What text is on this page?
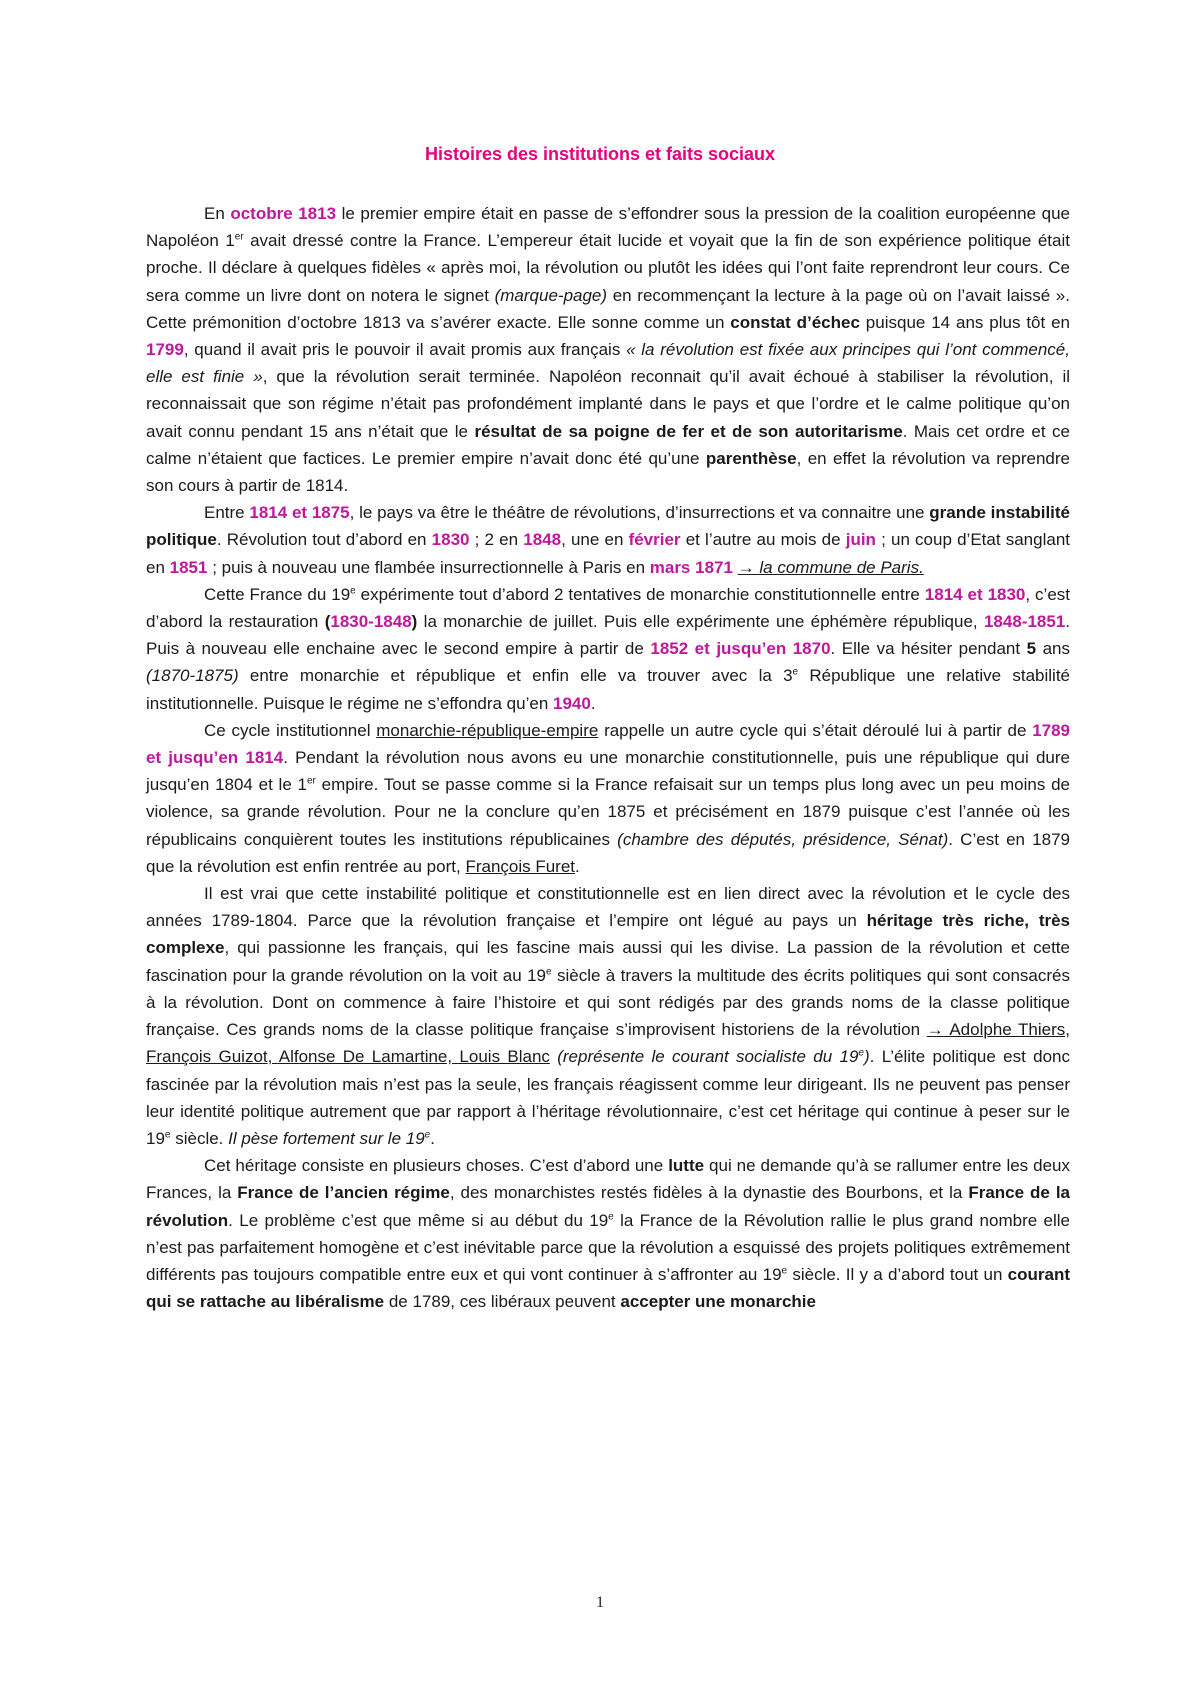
Histoires des institutions et faits sociaux

En octobre 1813 le premier empire était en passe de s’effondrer sous la pression de la coalition européenne que Napoléon 1er avait dressé contre la France. L’empereur était lucide et voyait que la fin de son expérience politique était proche. Il déclare à quelques fidèles « après moi, la révolution ou plutôt les idées qui l’ont faite reprendront leur cours. Ce sera comme un livre dont on notera le signet (marque-page) en recommençant la lecture à la page où on l’avait laissé ». Cette prémonition d’octobre 1813 va s’avérer exacte. Elle sonne comme un constat d’échec puisque 14 ans plus tôt en 1799, quand il avait pris le pouvoir il avait promis aux français « la révolution est fixée aux principes qui l’ont commencé, elle est finie », que la révolution serait terminée. Napoléon reconnait qu’il avait échoué à stabiliser la révolution, il reconnaissait que son régime n’était pas profondément implanté dans le pays et que l’ordre et le calme politique qu’on avait connu pendant 15 ans n’était que le résultat de sa poigne de fer et de son autoritarisme. Mais cet ordre et ce calme n’étaient que factices. Le premier empire n’avait donc été qu’une parenthèse, en effet la révolution va reprendre son cours à partir de 1814.

Entre 1814 et 1875, le pays va être le théâtre de révolutions, d’insurrections et va connaitre une grande instabilité politique. Révolution tout d’abord en 1830 ; 2 en 1848, une en février et l’autre au mois de juin ; un coup d’Etat sanglant en 1851 ; puis à nouveau une flambée insurrectionnelle à Paris en mars 1871 → la commune de Paris.

Cette France du 19e expérimente tout d’abord 2 tentatives de monarchie constitutionnelle entre 1814 et 1830, c’est d’abord la restauration (1830-1848) la monarchie de juillet. Puis elle expérimente une éphémère république, 1848-1851. Puis à nouveau elle enchaine avec le second empire à partir de 1852 et jusqu’en 1870. Elle va hésiter pendant 5 ans (1870-1875) entre monarchie et république et enfin elle va trouver avec la 3e République une relative stabilité institutionnelle. Puisque le régime ne s’effondra qu’en 1940.

Ce cycle institutionnel monarchie-république-empire rappelle un autre cycle qui s’était déroulé lui à partir de 1789 et jusqu’en 1814. Pendant la révolution nous avons eu une monarchie constitutionnelle, puis une république qui dure jusqu’en 1804 et le 1er empire. Tout se passe comme si la France refaisait sur un temps plus long avec un peu moins de violence, sa grande révolution. Pour ne la conclure qu’en 1875 et précisément en 1879 puisque c’est l’année où les républicains conquièrent toutes les institutions républicaines (chambre des députés, présidence, Sénat). C’est en 1879 que la révolution est enfin rentrée au port, François Furet.

Il est vrai que cette instabilité politique et constitutionnelle est en lien direct avec la révolution et le cycle des années 1789-1804. Parce que la révolution française et l’empire ont légué au pays un héritage très riche, très complexe, qui passionne les français, qui les fascine mais aussi qui les divise. La passion de la révolution et cette fascination pour la grande révolution on la voit au 19e siècle à travers la multitude des écrits politiques qui sont consacrés à la révolution. Dont on commence à faire l’histoire et qui sont rédigés par des grands noms de la classe politique française. Ces grands noms de la classe politique française s’improvisent historiens de la révolution → Adolphe Thiers, François Guizot, Alfonse De Lamartine, Louis Blanc (représente le courant socialiste du 19e). L’élite politique est donc fascinée par la révolution mais n’est pas la seule, les français réagissent comme leur dirigeant. Ils ne peuvent pas penser leur identité politique autrement que par rapport à l’héritage révolutionnaire, c’est cet héritage qui continue à peser sur le 19e siècle. Il pèse fortement sur le 19e.

Cet héritage consiste en plusieurs choses. C’est d’abord une lutte qui ne demande qu’à se rallumer entre les deux Frances, la France de l’ancien régime, des monarchistes restés fidèles à la dynastie des Bourbons, et la France de la révolution. Le problème c’est que même si au début du 19e la France de la Révolution rallie le plus grand nombre elle n’est pas parfaitement homogène et c’est inévitable parce que la révolution a esquissé des projets politiques extrêmement différents pas toujours compatible entre eux et qui vont continuer à s’affronter au 19e siècle. Il y a d’abord tout un courant qui se rattache au libéralisme de 1789, ces libéraux peuvent accepter une monarchie

1
